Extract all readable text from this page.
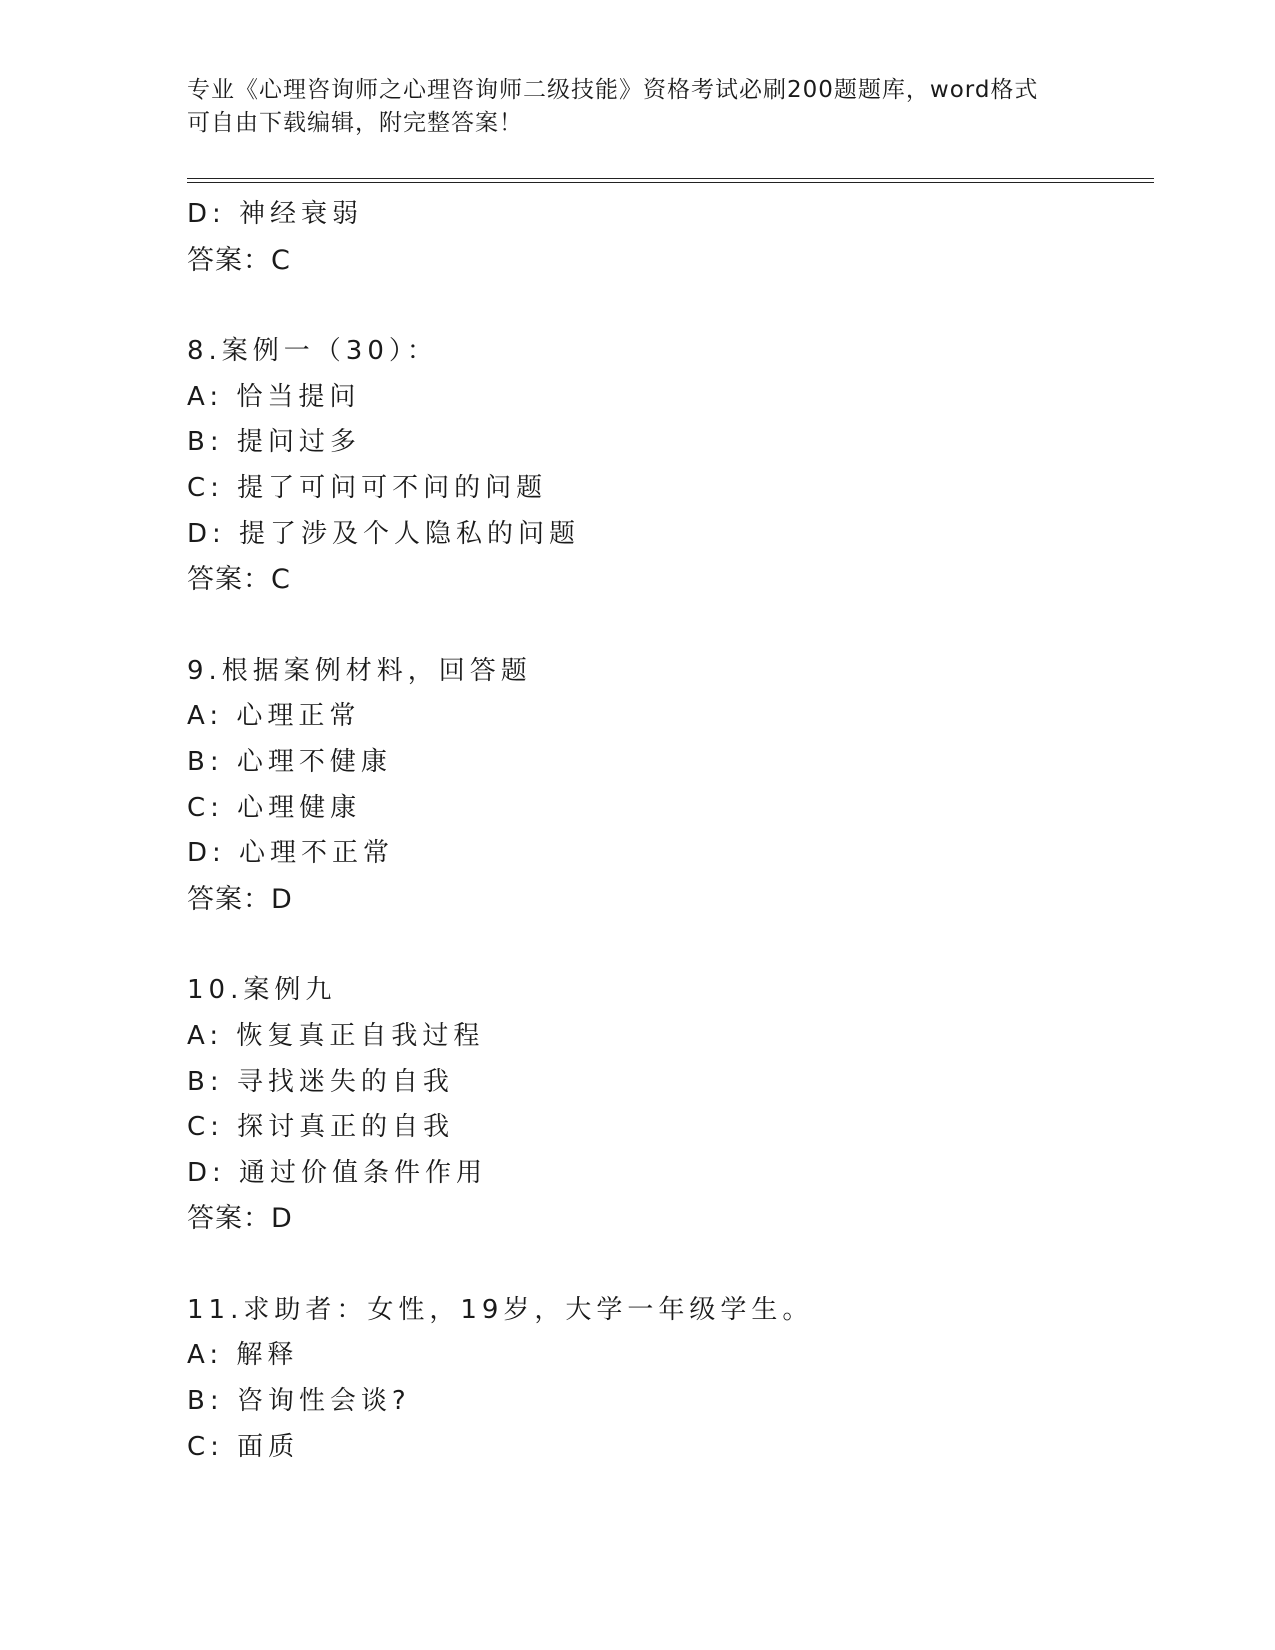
专业《心理咨询师之心理咨询师二级技能》资格考试必刷200题题库，word格式
可自由下载编辑，附完整答案！
D: 神经衰弱
答案：C
8.案例一（30）：
A: 恰当提问
B: 提问过多
C: 提了可问可不问的问题
D: 提了涉及个人隐私的问题
答案：C
9.根据案例材料，回答题
A: 心理正常
B: 心理不健康
C: 心理健康
D: 心理不正常
答案：D
10.案例九
A: 恢复真正自我过程
B: 寻找迷失的自我
C: 探讨真正的自我
D: 通过价值条件作用
答案：D
11.求助者：女性，19岁，大学一年级学生。
A: 解释
B: 咨询性会谈?
C: 面质
